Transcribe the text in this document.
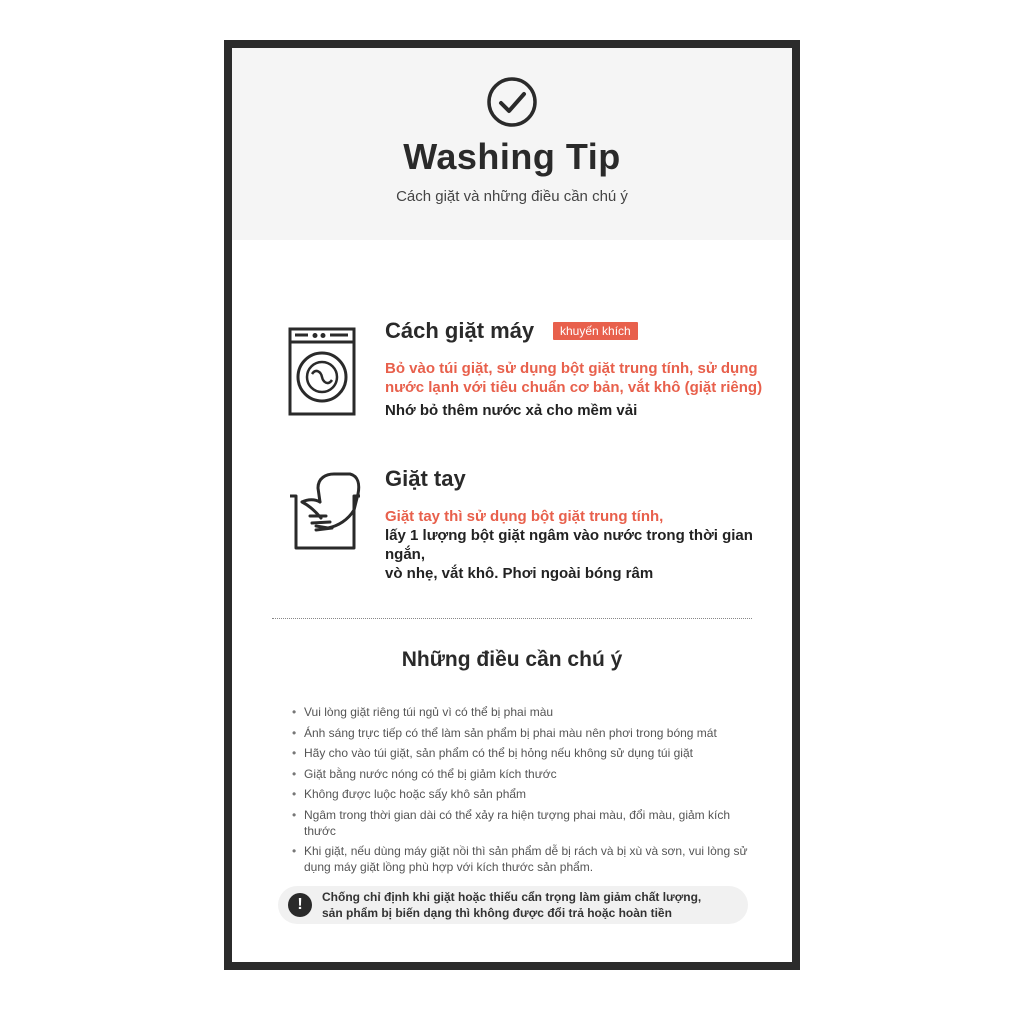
Washing Tip
Cách giặt và những điều cần chú ý
Cách giặt máy	khuyến khích
Bỏ vào túi giặt, sử dụng bột giặt trung tính, sử dụng
nước lạnh với tiêu chuẩn cơ bản, vắt khô (giặt riêng)
Nhớ bỏ thêm nước xả cho mềm vải
Giặt tay
Giặt tay thì sử dụng bột giặt trung tính,
lấy 1 lượng bột giặt ngâm vào nước trong thời gian ngắn,
vò nhẹ, vắt khô. Phơi ngoài bóng râm
Những điều cần chú ý
• Vui lòng giặt riêng túi ngủ vì có thể bị phai màu
• Ánh sáng trực tiếp có thể làm sản phẩm bị phai màu nên phơi trong bóng mát
• Hãy cho vào túi giặt, sản phẩm có thể bị hỏng nếu không sử dụng túi giặt
• Giặt bằng nước nóng có thể bị giảm kích thước
• Không được luộc hoặc sấy khô sản phẩm
• Ngâm trong thời gian dài có thể xảy ra hiện tượng phai màu, đổi màu, giảm kích thước
• Khi giặt, nếu dùng máy giặt nồi thì sản phẩm dễ bị rách và bị xù và sơn, vui lòng sử dụng máy giặt lồng phù hợp với kích thước sản phẩm.
!	Chống chỉ định khi giặt hoặc thiếu cẩn trọng làm giảm chất lượng,
sản phẩm bị biến dạng thì không được đổi trả hoặc hoàn tiền
